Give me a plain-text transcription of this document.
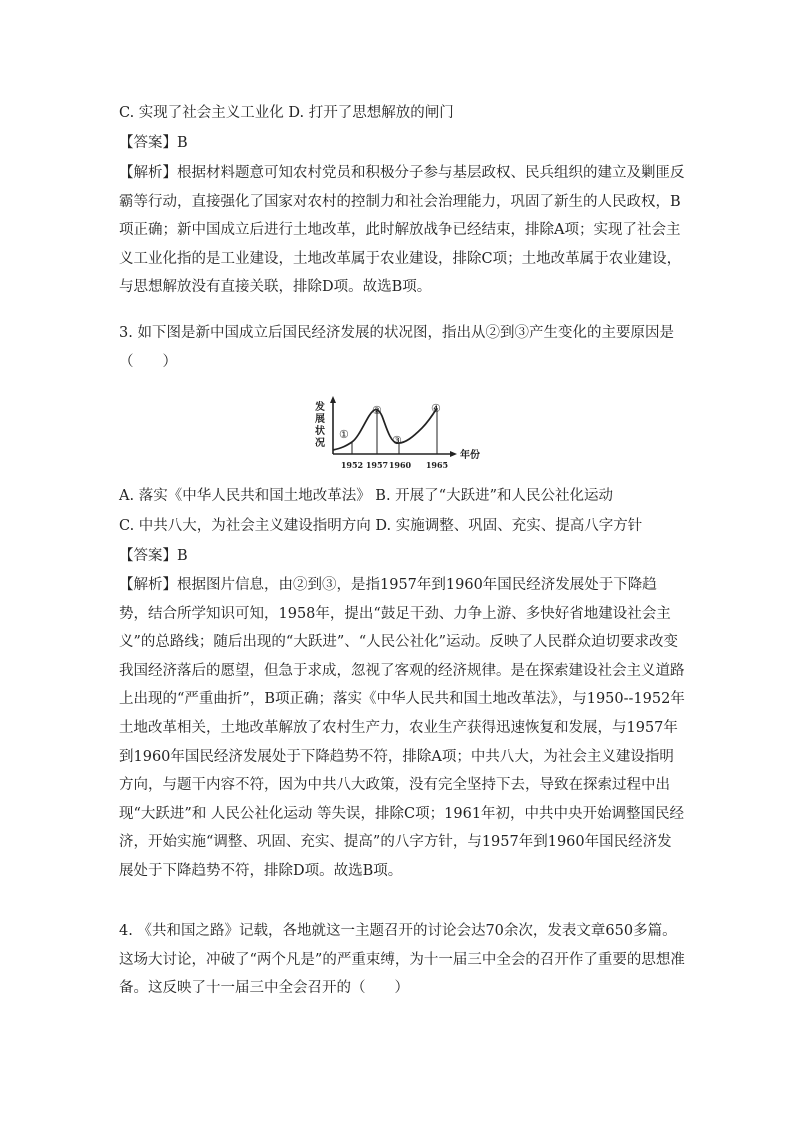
C. 实现了社会主义工业化 D. 打开了思想解放的闸门
【答案】B
【解析】根据材料题意可知农村党员和积极分子参与基层政权、民兵组织的建立及剿匪反霸等行动，直接强化了国家对农村的控制力和社会治理能力，巩固了新生的人民政权，B项正确；新中国成立后进行土地改革，此时解放战争已经结束，排除A项；实现了社会主义工业化指的是工业建设，土地改革属于农业建设，排除C项；土地改革属于农业建设，与思想解放没有直接关联，排除D项。故选B项。
3. 如下图是新中国成立后国民经济发展的状况图，指出从②到③产生变化的主要原因是
（　　）
发
展
状
况
年份
①
②
③
④
1952 1957 1960 1965
A. 落实《中华人民共和国土地改革法》 B. 开展了“大跃进”和人民公社化运动
C. 中共八大，为社会主义建设指明方向 D. 实施调整、巩固、充实、提高八字方针
【答案】B
【解析】根据图片信息，由②到③，是指1957年到1960年国民经济发展处于下降趋势，结合所学知识可知，1958年，提出“鼓足干劲、力争上游、多快好省地建设社会主义”的总路线；随后出现的“大跃进”、“人民公社化”运动。反映了人民群众迫切要求改变我国经济落后的愿望，但急于求成，忽视了客观的经济规律。是在探索建设社会主义道路上出现的“严重曲折”，B项正确；落实《中华人民共和国土地改革法》，与1950--1952年土地改革相关，土地改革解放了农村生产力，农业生产获得迅速恢复和发展，与1957年到1960年国民经济发展处于下降趋势不符，排除A项；中共八大，为社会主义建设指明方向，与题干内容不符，因为中共八大政策，没有完全坚持下去，导致在探索过程中出现“大跃进”和 人民公社化运动 等失误，排除C项；1961年初，中共中央开始调整国民经济，开始实施“调整、巩固、充实、提高”的八字方针，与1957年到1960年国民经济发展处于下降趋势不符，排除D项。故选B项。
4. 《共和国之路》记载，各地就这一主题召开的讨论会达70余次，发表文章650多篇。这场大讨论，冲破了“两个凡是”的严重束缚，为十一届三中全会的召开作了重要的思想准备。这反映了十一届三中全会召开的（　　）
